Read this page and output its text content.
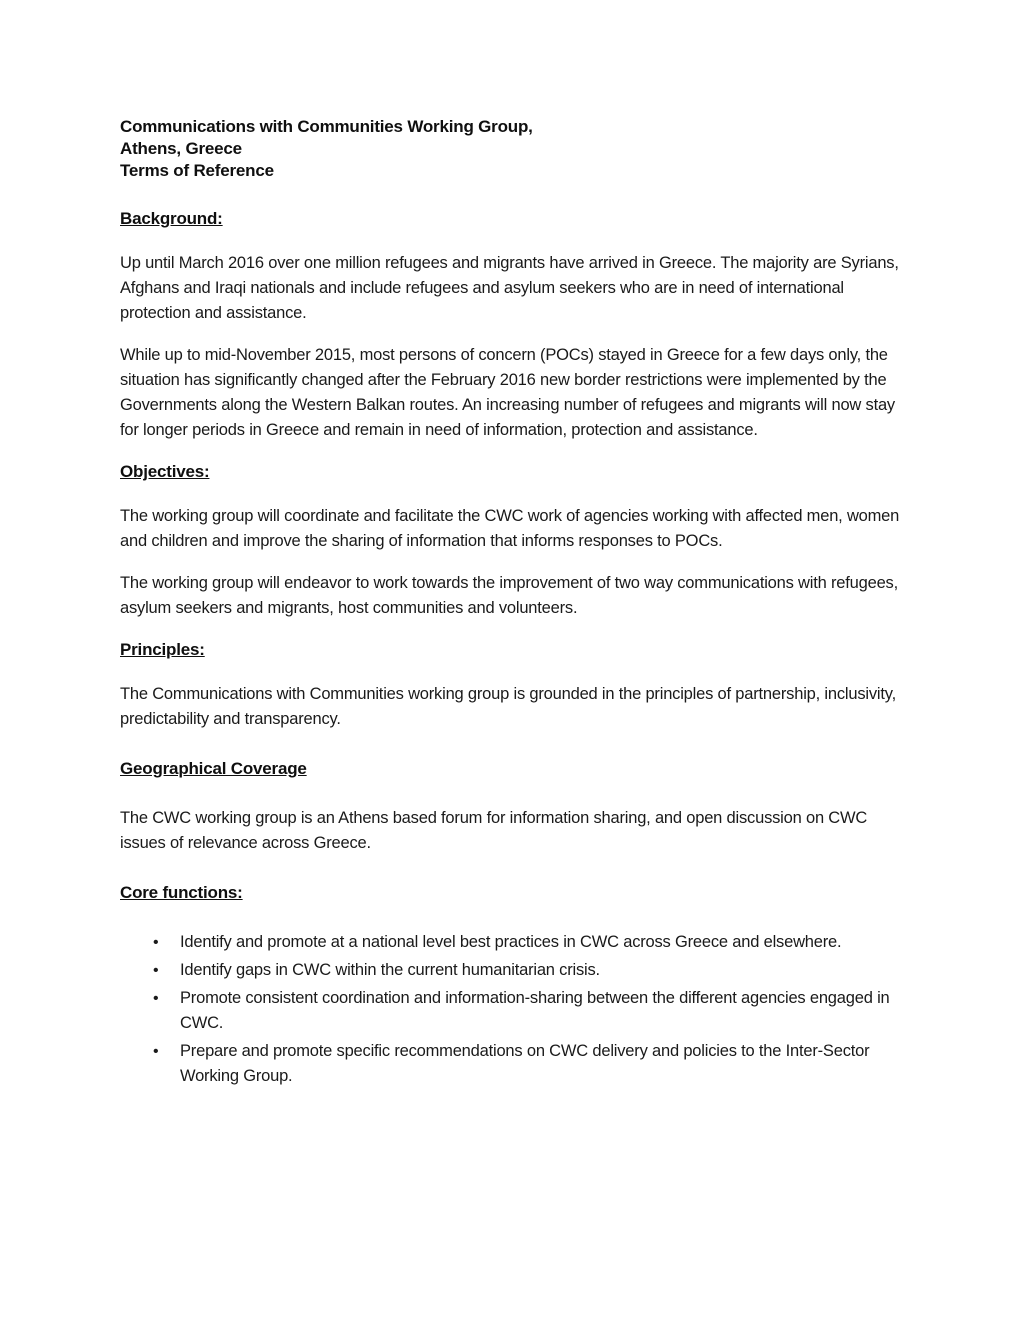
Communications with Communities Working Group,
Athens, Greece
Terms of Reference
Background:

Up until March 2016 over one million refugees and migrants have arrived in Greece. The majority are Syrians, Afghans and Iraqi nationals and include refugees and asylum seekers who are in need of international protection and assistance.

While up to mid-November 2015, most persons of concern (POCs) stayed in Greece for a few days only, the situation has significantly changed after the February 2016 new border restrictions were implemented by the Governments along the Western Balkan routes. An increasing number of refugees and migrants will now stay for longer periods in Greece and remain in need of information, protection and assistance.

Objectives:

The working group will coordinate and facilitate the CWC work of agencies working with affected men, women and children and improve the sharing of information that informs responses to POCs.

The working group will endeavor to work towards the improvement of two way communications with refugees, asylum seekers and migrants, host communities and volunteers.

Principles:

The Communications with Communities working group is grounded in the principles of partnership, inclusivity, predictability and transparency.

Geographical Coverage

The CWC working group is an Athens based forum for information sharing, and open discussion on CWC issues of relevance across Greece.

Core functions:
• Identify and promote at a national level best practices in CWC across Greece and elsewhere.
• Identify gaps in CWC within the current humanitarian crisis.
• Promote consistent coordination and information-sharing between the different agencies engaged in CWC.
• Prepare and promote specific recommendations on CWC delivery and policies to the Inter-Sector Working Group.
